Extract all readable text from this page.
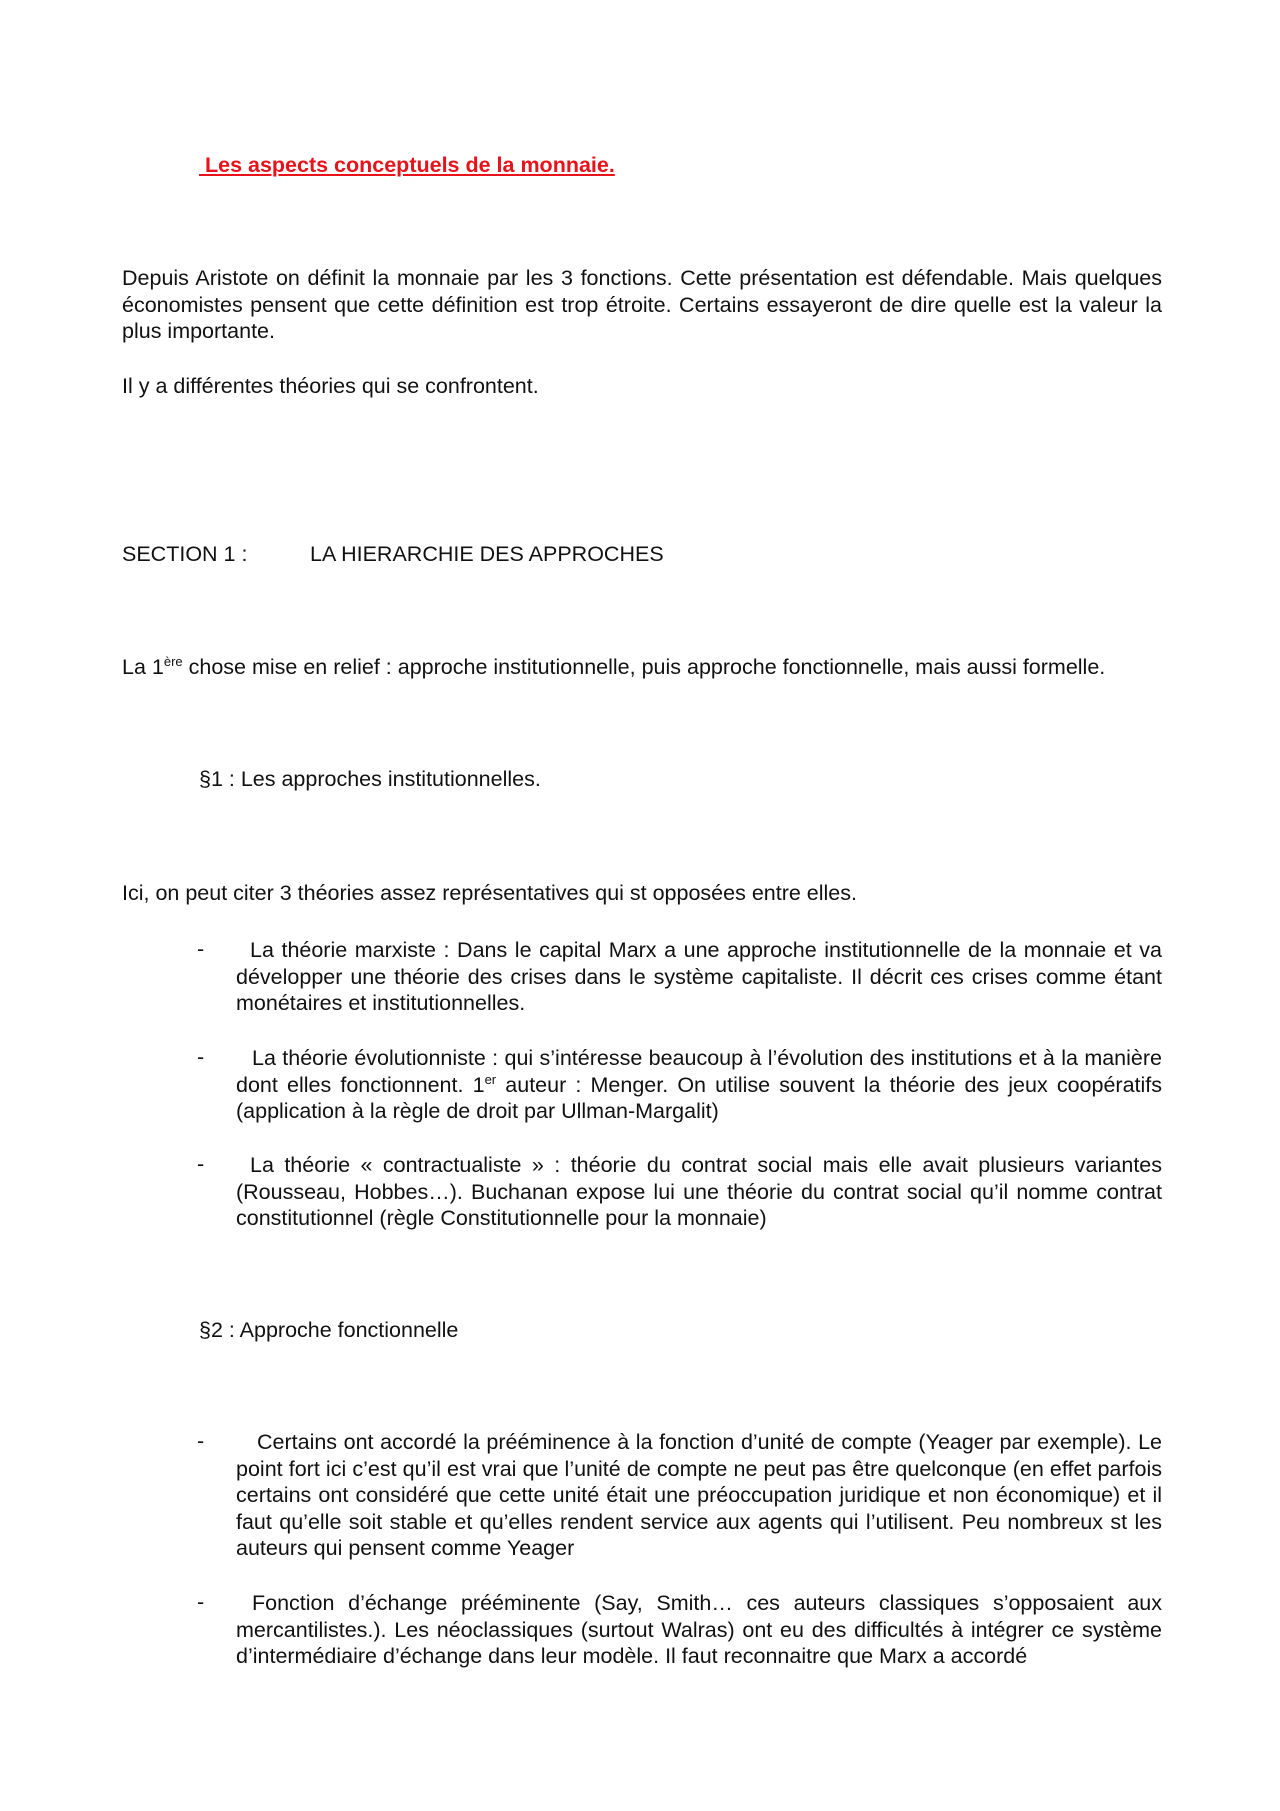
Les aspects conceptuels de la monnaie.

Depuis Aristote on définit la monnaie par les 3 fonctions. Cette présentation est défendable. Mais quelques économistes pensent que cette définition est trop étroite. Certains essayeront de dire quelle est la valeur la plus importante.

Il y a différentes théories qui se confrontent.

SECTION 1 :	LA HIERARCHIE DES APPROCHES

La 1ère chose mise en relief : approche institutionnelle, puis approche fonctionnelle, mais aussi formelle.

§1 : Les approches institutionnelles.

Ici, on peut citer 3 théories assez représentatives qui st opposées entre elles.

-	La théorie marxiste : Dans le capital Marx a une approche institutionnelle de la monnaie et va développer une théorie des crises dans le système capitaliste. Il décrit ces crises comme étant monétaires et institutionnelles.

-	La théorie évolutionniste : qui s’intéresse beaucoup à l’évolution des institutions et à la manière dont elles fonctionnent. 1er auteur : Menger. On utilise souvent la théorie des jeux coopératifs (application à la règle de droit par Ullman-Margalit)

-	La théorie « contractualiste » : théorie du contrat social mais elle avait plusieurs variantes (Rousseau, Hobbes…). Buchanan expose lui une théorie du contrat social qu’il nomme contrat constitutionnel (règle Constitutionnelle pour la monnaie)

§2 : Approche fonctionnelle

-	Certains ont accordé la prééminence à la fonction d’unité de compte (Yeager par exemple). Le point fort ici c’est qu’il est vrai que l’unité de compte ne peut pas être quelconque (en effet parfois certains ont considéré que cette unité était une préoccupation juridique et non économique) et il faut qu’elle soit stable et qu’elles rendent service aux agents qui l’utilisent. Peu nombreux st les auteurs qui pensent comme Yeager

-	Fonction d’échange prééminente (Say, Smith… ces auteurs classiques s’opposaient aux mercantilistes.). Les néoclassiques (surtout Walras) ont eu des difficultés à intégrer ce système d’intermédiaire d’échange dans leur modèle. Il faut reconnaitre que Marx a accordé
